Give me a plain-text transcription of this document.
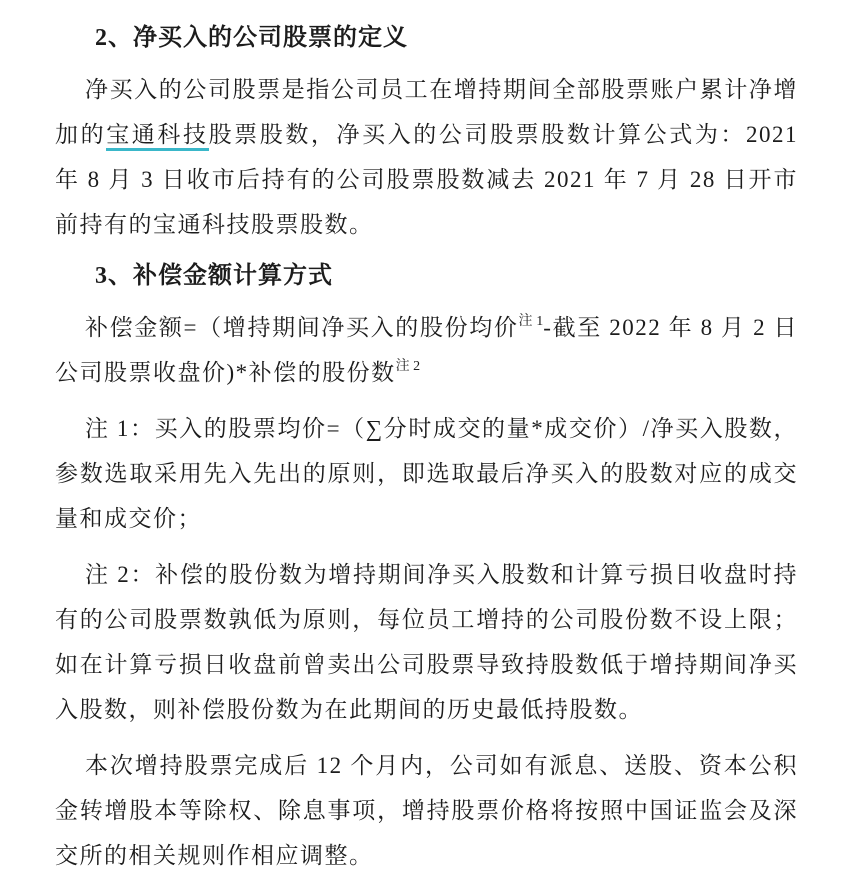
2、净买入的公司股票的定义

净买入的公司股票是指公司员工在增持期间全部股票账户累计净增加的宝通科技股票股数，净买入的公司股票股数计算公式为：2021 年 8 月 3 日收市后持有的公司股票股数减去 2021 年 7 月 28 日开市前持有的宝通科技股票股数。

3、补偿金额计算方式

补偿金额=（增持期间净买入的股份均价$^{注 1}$-截至 2022 年 8 月 2 日公司股票收盘价)*补偿的股份数$^{注 2}$

注 1：买入的股票均价=（∑分时成交的量*成交价）/净买入股数，参数选取采用先入先出的原则，即选取最后净买入的股数对应的成交量和成交价；

注 2：补偿的股份数为增持期间净买入股数和计算亏损日收盘时持有的公司股票数孰低为原则，每位员工增持的公司股份数不设上限；如在计算亏损日收盘前曾卖出公司股票导致持股数低于增持期间净买入股数，则补偿股份数为在此期间的历史最低持股数。

本次增持股票完成后 12 个月内，公司如有派息、送股、资本公积金转增股本等除权、除息事项，增持股票价格将按照中国证监会及深交所的相关规则作相应调整。
